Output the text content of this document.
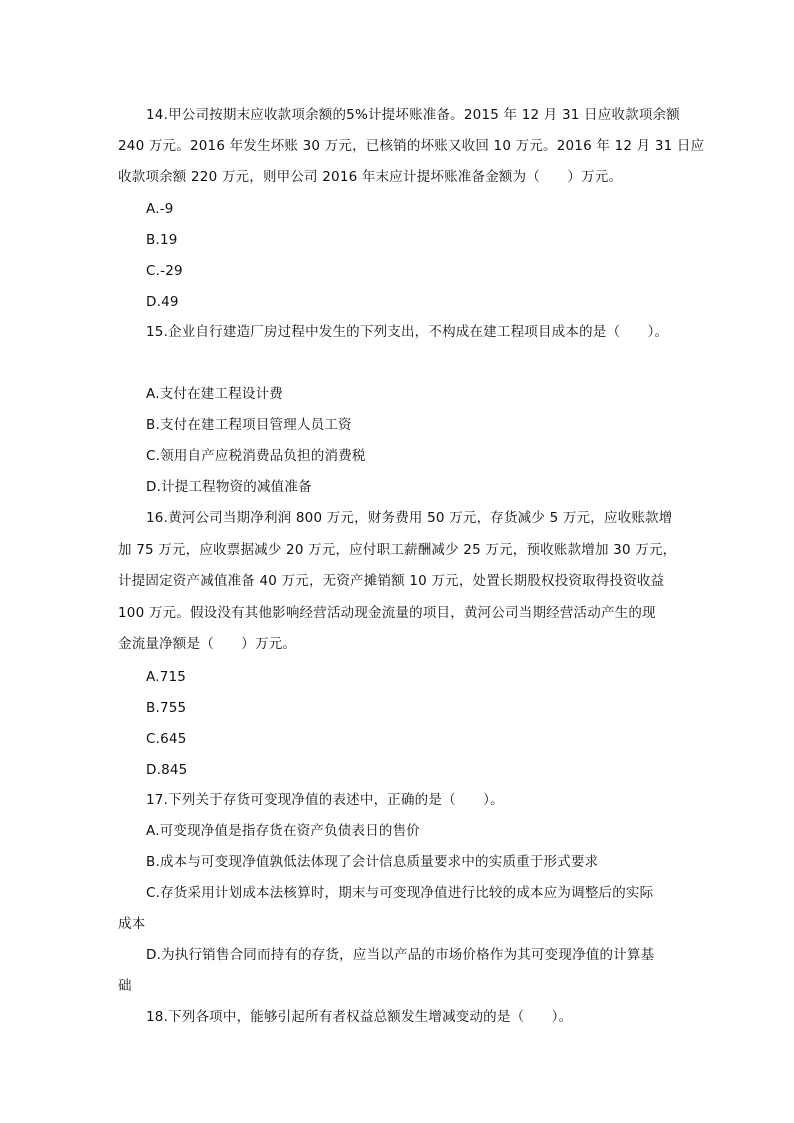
14.甲公司按期末应收款项余额的5%计提坏账准备。2015 年 12 月 31 日应收款项余额
240 万元。2016 年发生坏账 30 万元，已核销的坏账又收回 10 万元。2016 年 12 月 31 日应
收款项余额 220 万元，则甲公司 2016 年末应计提坏账准备金额为（　　）万元。
A.-9
B.19
C.-29
D.49
15.企业自行建造厂房过程中发生的下列支出，不构成在建工程项目成本的是（　　）。
A.支付在建工程设计费
B.支付在建工程项目管理人员工资
C.领用自产应税消费品负担的消费税
D.计提工程物资的减值准备
16.黄河公司当期净利润 800 万元，财务费用 50 万元，存货减少 5 万元，应收账款增
加 75 万元，应收票据减少 20 万元，应付职工薪酬减少 25 万元，预收账款增加 30 万元，
计提固定资产减值准备 40 万元，无资产摊销额 10 万元，处置长期股权投资取得投资收益
100 万元。假设没有其他影响经营活动现金流量的项目，黄河公司当期经营活动产生的现
金流量净额是（　　）万元。
A.715
B.755
C.645
D.845
17.下列关于存货可变现净值的表述中，正确的是（　　）。
A.可变现净值是指存货在资产负债表日的售价
B.成本与可变现净值孰低法体现了会计信息质量要求中的实质重于形式要求
C.存货采用计划成本法核算时，期末与可变现净值进行比较的成本应为调整后的实际
成本
D.为执行销售合同而持有的存货，应当以产品的市场价格作为其可变现净值的计算基
础
18.下列各项中，能够引起所有者权益总额发生增减变动的是（　　）。
